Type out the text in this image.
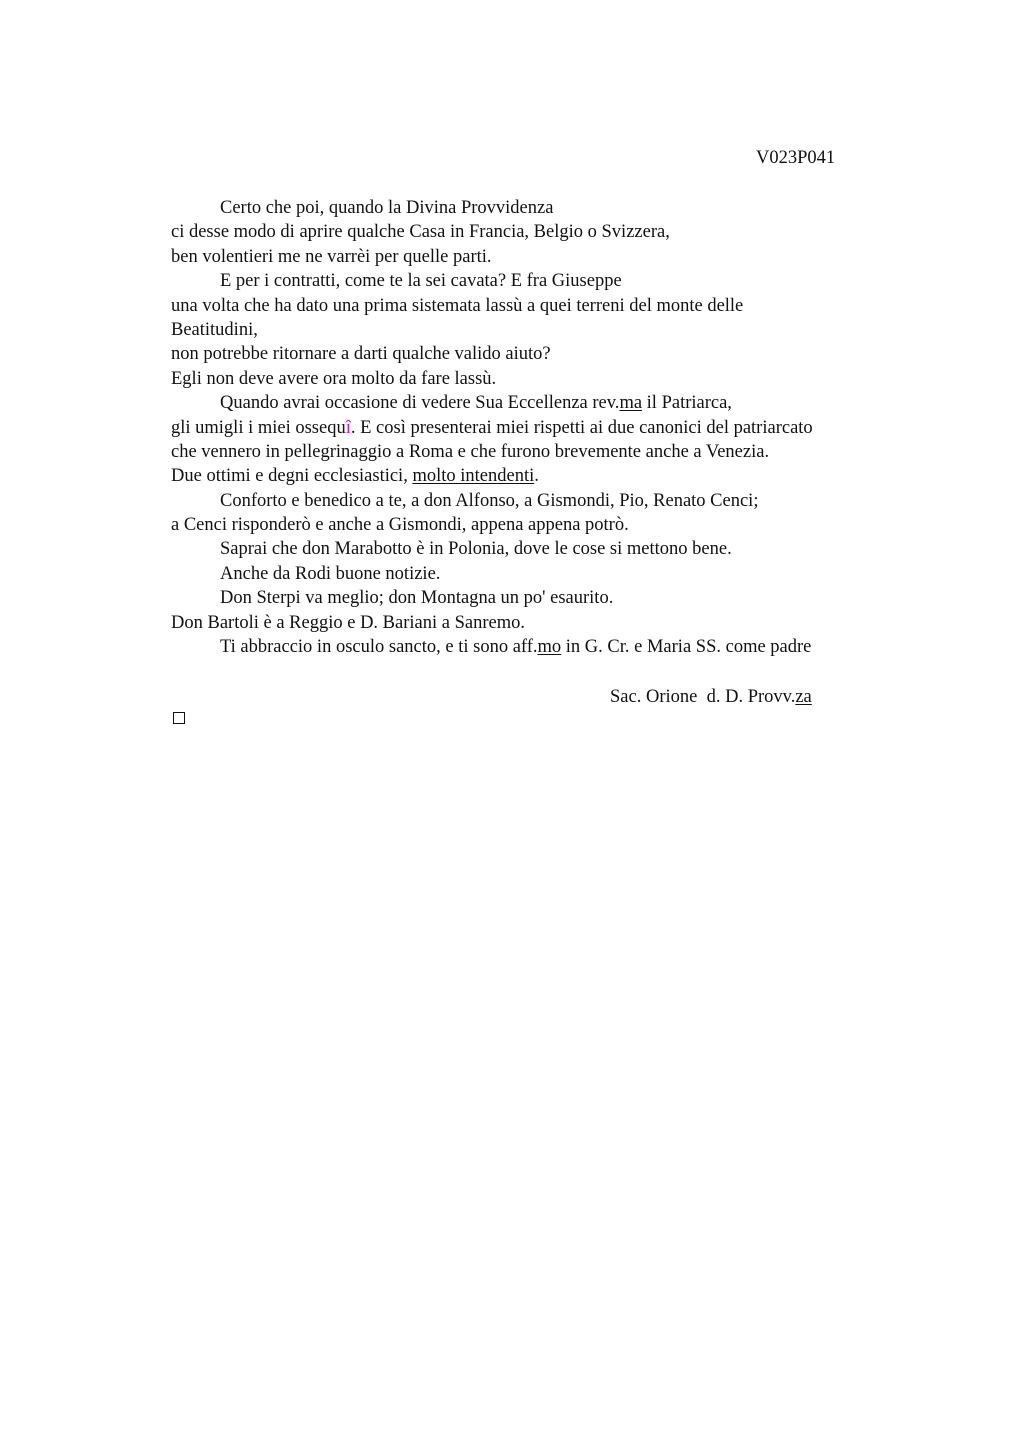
V023P041
Certo che poi, quando la Divina Provvidenza
ci desse modo di aprire qualche Casa in Francia, Belgio o Svizzera,
ben volentieri me ne varrèi per quelle parti.
E per i contratti, come te la sei cavata? E fra Giuseppe
una volta che ha dato una prima sistemata lassù a quei terreni del monte delle
Beatitudini,
non potrebbe ritornare a darti qualche valido aiuto?
Egli non deve avere ora molto da fare lassù.
Quando avrai occasione di vedere Sua Eccellenza rev.ma il Patriarca,
gli umigli i miei ossequî. E così presenterai miei rispetti ai due canonici del patriarcato
che vennero in pellegrinaggio a Roma e che furono brevemente anche a Venezia.
Due ottimi e degni ecclesiastici, molto intendenti.
Conforto e benedico a te, a don Alfonso, a Gismondi, Pio, Renato Cenci;
a Cenci risponderò e anche a Gismondi, appena appena potrò.
Saprai che don Marabotto è in Polonia, dove le cose si mettono bene.
Anche da Rodi buone notizie.
Don Sterpi va meglio; don Montagna un po' esaurito.
Don Bartoli è a Reggio e D. Bariani a Sanremo.
Ti abbraccio in osculo sancto, e ti sono aff.mo in G. Cr. e Maria SS. come padre
Sac. Orione  d. D. Provv.za
